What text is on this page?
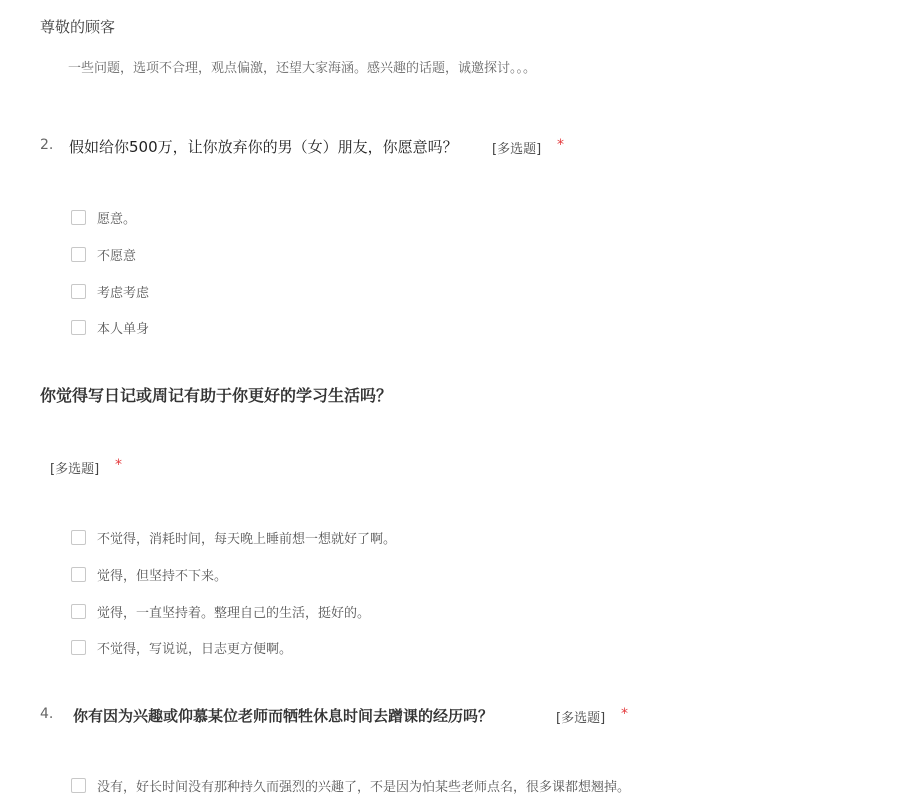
尊敬的顾客
一些问题，选项不合理，观点偏激，还望大家海涵。感兴趣的话题，诚邀探讨。。。
2. 假如给你500万，让你放弃你的男（女）朋友，你愿意吗？	[多选题] *
愿意。
不愿意
考虑考虑
本人单身
你觉得写日记或周记有助于你更好的学习生活吗？
[多选题] *
不觉得，消耗时间，每天晚上睡前想一想就好了啊。
觉得，但坚持不下来。
觉得，一直坚持着。整理自己的生活，挺好的。
不觉得，写说说，日志更方便啊。
4. 你有因为兴趣或仰慕某位老师而牺牲休息时间去蹭课的经历吗？	[多选题] *
没有，好长时间没有那种持久而强烈的兴趣了，不是因为怕某些老师点名，很多课都想翘掉。
